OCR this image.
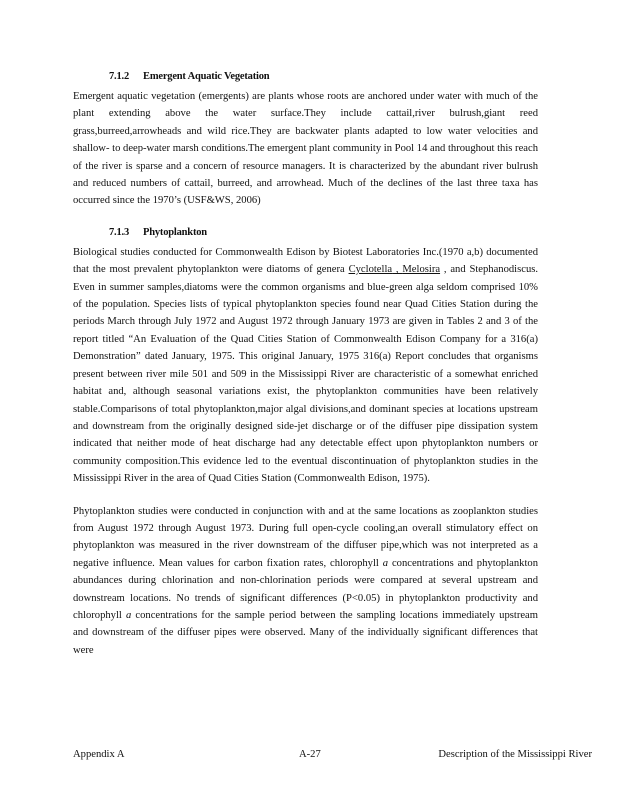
7.1.2 Emergent Aquatic Vegetation

Emergent aquatic vegetation (emergents) are plants whose roots are anchored under water with much of the plant extending above the water surface.They include cattail,river bulrush,giant reed grass,burreed,arrowheads and wild rice.They are backwater plants adapted to low water velocities and shallow- to deep-water marsh conditions.The emergent plant community in Pool 14 and throughout this reach of the river is sparse and a concern of resource managers. It is characterized by the abundant river bulrush and reduced numbers of cattail, burreed, and arrowhead. Much of the declines of the last three taxa has occurred since the 1970’s (USF&WS, 2006)

7.1.3 Phytoplankton

Biological studies conducted for Commonwealth Edison by Biotest Laboratories Inc.(1970 a,b) documented that the most prevalent phytoplankton were diatoms of genera Cyclotella , Melosira , and Stephanodiscus. Even in summer samples,diatoms were the common organisms and blue-green alga seldom comprised 10% of the population. Species lists of typical phytoplankton species found near Quad Cities Station during the periods March through July 1972 and August 1972 through January 1973 are given in Tables 2 and 3 of the report titled “An Evaluation of the Quad Cities Station of Commonwealth Edison Company for a 316(a) Demonstration” dated January, 1975. This original January, 1975 316(a) Report concludes that organisms present between river mile 501 and 509 in the Mississippi River are characteristic of a somewhat enriched habitat and, although seasonal variations exist, the phytoplankton communities have been relatively stable.Comparisons of total phytoplankton,major algal divisions,and dominant species at locations upstream and downstream from the originally designed side-jet discharge or of the diffuser pipe dissipation system indicated that neither mode of heat discharge had any detectable effect upon phytoplankton numbers or community composition.This evidence led to the eventual discontinuation of phytoplankton studies in the Mississippi River in the area of Quad Cities Station (Commonwealth Edison, 1975).

Phytoplankton studies were conducted in conjunction with and at the same locations as zooplankton studies from August 1972 through August 1973. During full open-cycle cooling,an overall stimulatory effect on phytoplankton was measured in the river downstream of the diffuser pipe,which was not interpreted as a negative influence. Mean values for carbon fixation rates, chlorophyll a concentrations and phytoplankton abundances during chlorination and non-chlorination periods were compared at several upstream and downstream locations. No trends of significant differences (P<0.05) in phytoplankton productivity and chlorophyll a concentrations for the sample period between the sampling locations immediately upstream and downstream of the diffuser pipes were observed. Many of the individually significant differences that were

Appendix A	A-27	Description of the Mississippi River
